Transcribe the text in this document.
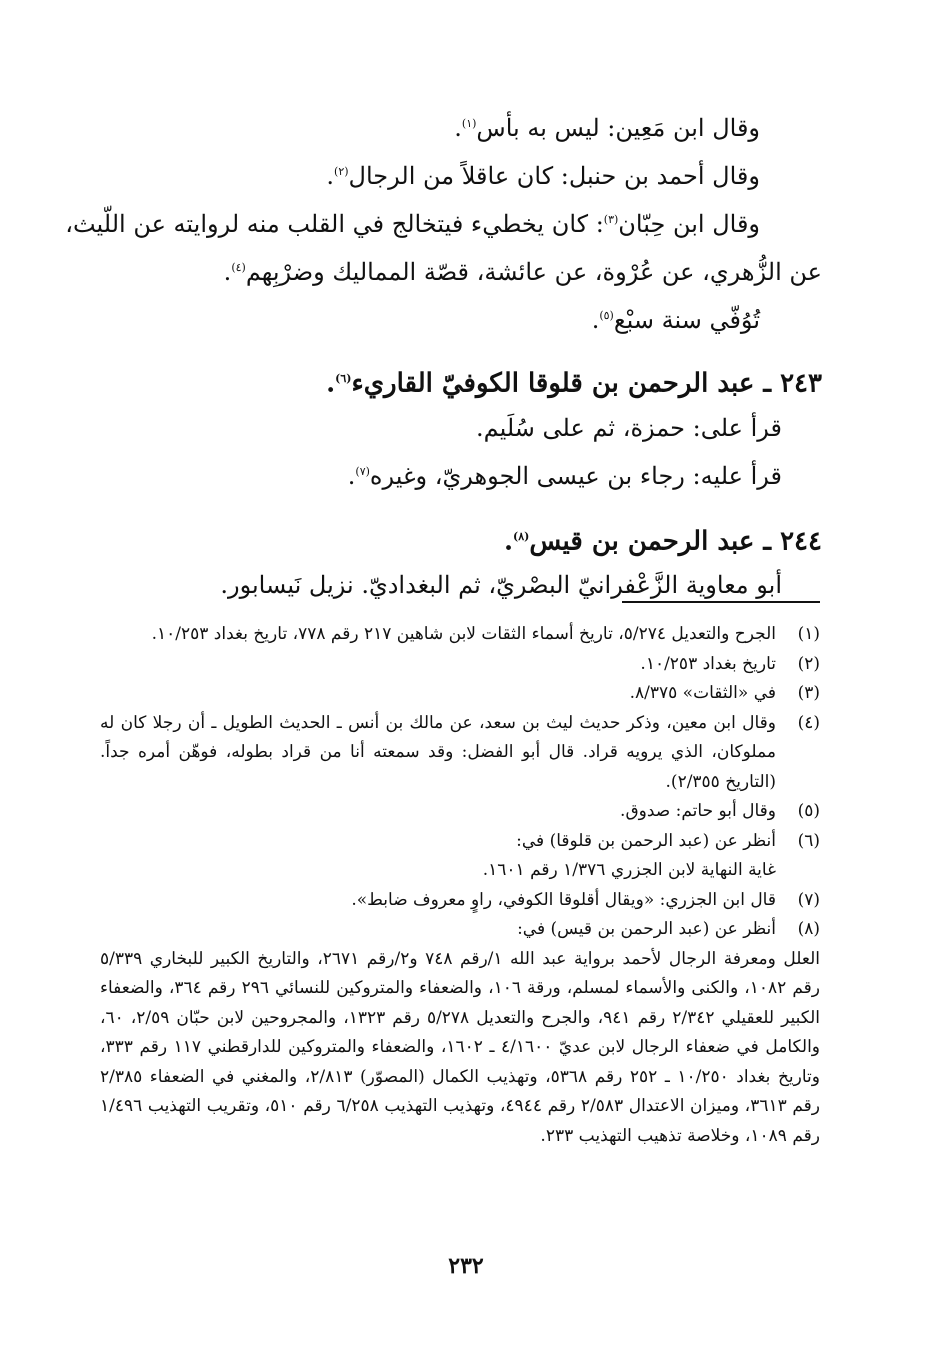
وقال ابن مَعِين: ليس به بأس$^{(١)}$.
وقال أحمد بن حنبل: كان عاقلاً من الرجال$^{(٢)}$.
وقال ابن حِبّان$^{(٣)}$: كان يخطيء فيتخالج في القلب منه لروايته عن اللّيث،
عن الزُّهري، عن عُرْوة، عن عائشة، قصّة المماليك وضرْبِهم$^{(٤)}$.
تُوُفّي سنة سبْع$^{(٥)}$.
٢٤٣ ـ عبد الرحمن بن قلوقا الكوفيّ القاريء$^{(٦)}$.
قرأ على: حمزة، ثم على سُلَيم.
قرأ عليه: رجاء بن عيسى الجوهريّ، وغيره$^{(٧)}$.
٢٤٤ ـ عبد الرحمن بن قيس$^{(٨)}$.
أبو معاوية الزَّعْفرانيّ البصْريّ، ثم البغداديّ. نزيل نَيسابور.
(١)
الجرح والتعديل ٥/٢٧٤، تاريخ أسماء الثقات لابن شاهين ٢١٧ رقم ٧٧٨، تاريخ بغداد ١٠/٢٥٣.
(٢)
تاريخ بغداد ١٠/٢٥٣.
(٣)
في «الثقات» ٨/٣٧٥.
(٤)
وقال ابن معين، وذكر حديث ليث بن سعد، عن مالك بن أنس ـ الحديث الطويل ـ أن رجلا كان له مملوكان، الذي يرويه قراد. قال أبو الفضل: وقد سمعته أنا من قراد بطوله، فوهّن أمره جداً. (التاريخ ٢/٣٥٥).
(٥)
وقال أبو حاتم: صدوق.
(٦)
أنظر عن (عبد الرحمن بن قلوقا) في:
غاية النهاية لابن الجزري ١/٣٧٦ رقم ١٦٠١.
(٧)
قال ابن الجزري: «ويقال أقلوقا الكوفي، راوٍ معروف ضابط».
(٨)
أنظر عن (عبد الرحمن بن قيس) في:
العلل ومعرفة الرجال لأحمد برواية عبد الله ١/رقم ٧٤٨ و٢/رقم ٢٦٧١، والتاريخ الكبير للبخاري ٥/٣٣٩ رقم ١٠٨٢، والكنى والأسماء لمسلم، ورقة ١٠٦، والضعفاء والمتروكين للنسائي ٢٩٦ رقم ٣٦٤، والضعفاء الكبير للعقيلي ٢/٣٤٢ رقم ٩٤١، والجرح والتعديل ٥/٢٧٨ رقم ١٣٢٣، والمجروحين لابن حبّان ٢/٥٩، ٦٠، والكامل في ضعفاء الرجال لابن عديّ ٤/١٦٠٠ ـ ١٦٠٢، والضعفاء والمتروكين للدارقطني ١١٧ رقم ٣٣٣، وتاريخ بغداد ١٠/٢٥٠ ـ ٢٥٢ رقم ٥٣٦٨، وتهذيب الكمال (المصوّر) ٢/٨١٣، والمغني في الضعفاء ٢/٣٨٥ رقم ٣٦١٣، وميزان الاعتدال ٢/٥٨٣ رقم ٤٩٤٤، وتهذيب التهذيب ٦/٢٥٨ رقم ٥١٠، وتقريب التهذيب ١/٤٩٦ رقم ١٠٨٩، وخلاصة تذهيب التهذيب ٢٣٣.
٢٣٢
